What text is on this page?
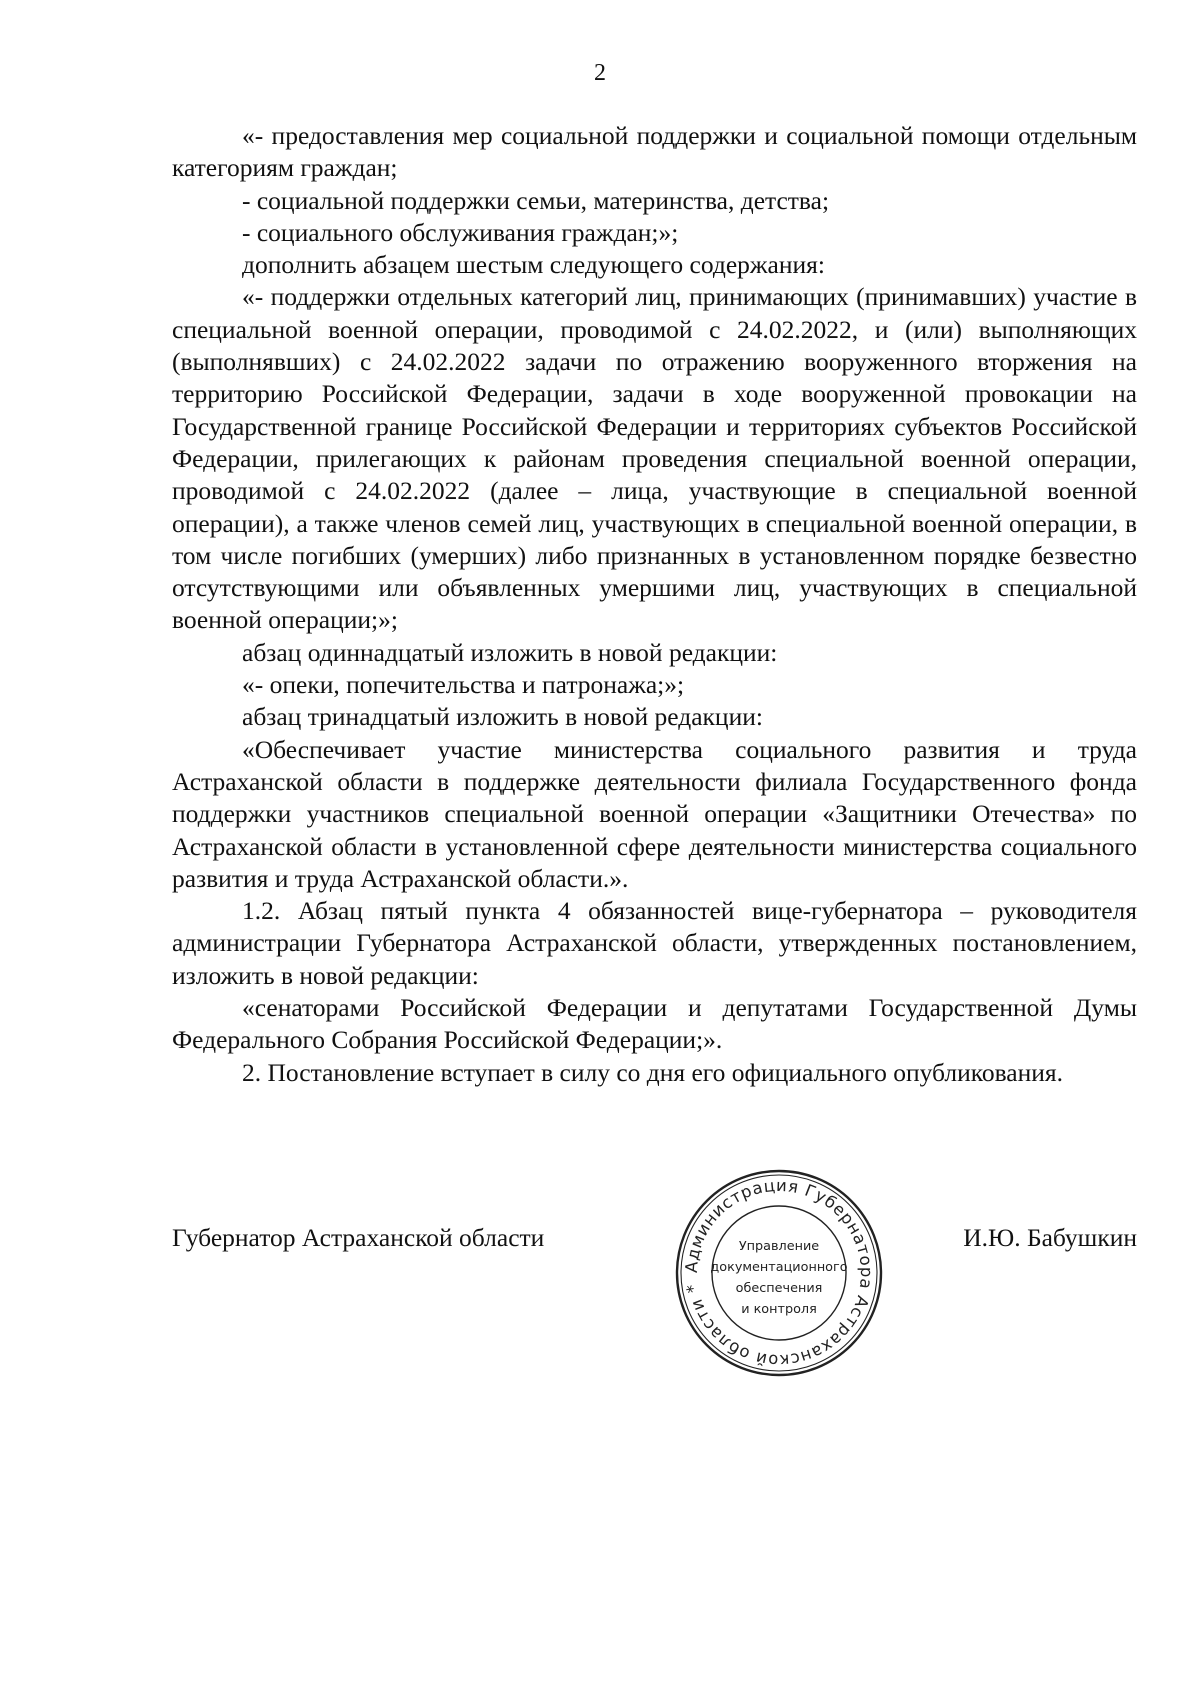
2

«- предоставления мер социальной поддержки и социальной помощи отдельным категориям граждан;

- социальной поддержки семьи, материнства, детства;

- социального обслуживания граждан;»;

дополнить абзацем шестым следующего содержания:

«- поддержки отдельных категорий лиц, принимающих (принимавших) участие в специальной военной операции, проводимой с 24.02.2022, и (или) выполняющих (выполнявших) с 24.02.2022 задачи по отражению вооруженного вторжения на территорию Российской Федерации, задачи в ходе вооруженной провокации на Государственной границе Российской Федерации и территориях субъектов Российской Федерации, прилегающих к районам проведения специальной военной операции, проводимой с 24.02.2022 (далее – лица, участвующие в специальной военной операции), а также членов семей лиц, участвующих в специальной военной операции, в том числе погибших (умерших) либо признанных в установленном порядке безвестно отсутствующими или объявленных умершими лиц, участвующих в специальной военной операции;»;

абзац одиннадцатый изложить в новой редакции:

«- опеки, попечительства и патронажа;»;

абзац тринадцатый изложить в новой редакции:

«Обеспечивает участие министерства социального развития и труда Астраханской области в поддержке деятельности филиала Государственного фонда поддержки участников специальной военной операции «Защитники Отечества» по Астраханской области в установленной сфере деятельности министерства социального развития и труда Астраханской области.».

1.2. Абзац пятый пункта 4 обязанностей вице-губернатора – руководителя администрации Губернатора Астраханской области, утвержденных постановлением, изложить в новой редакции:

«сенаторами Российской Федерации и депутатами Государственной Думы Федерального Собрания Российской Федерации;».

2. Постановление вступает в силу со дня его официального опубликования.

Губернатор Астраханской области	И.Ю. Бабушкин
Администрация Губернатора Астраханской области *
Управление
документационного
обеспечения
и контроля
